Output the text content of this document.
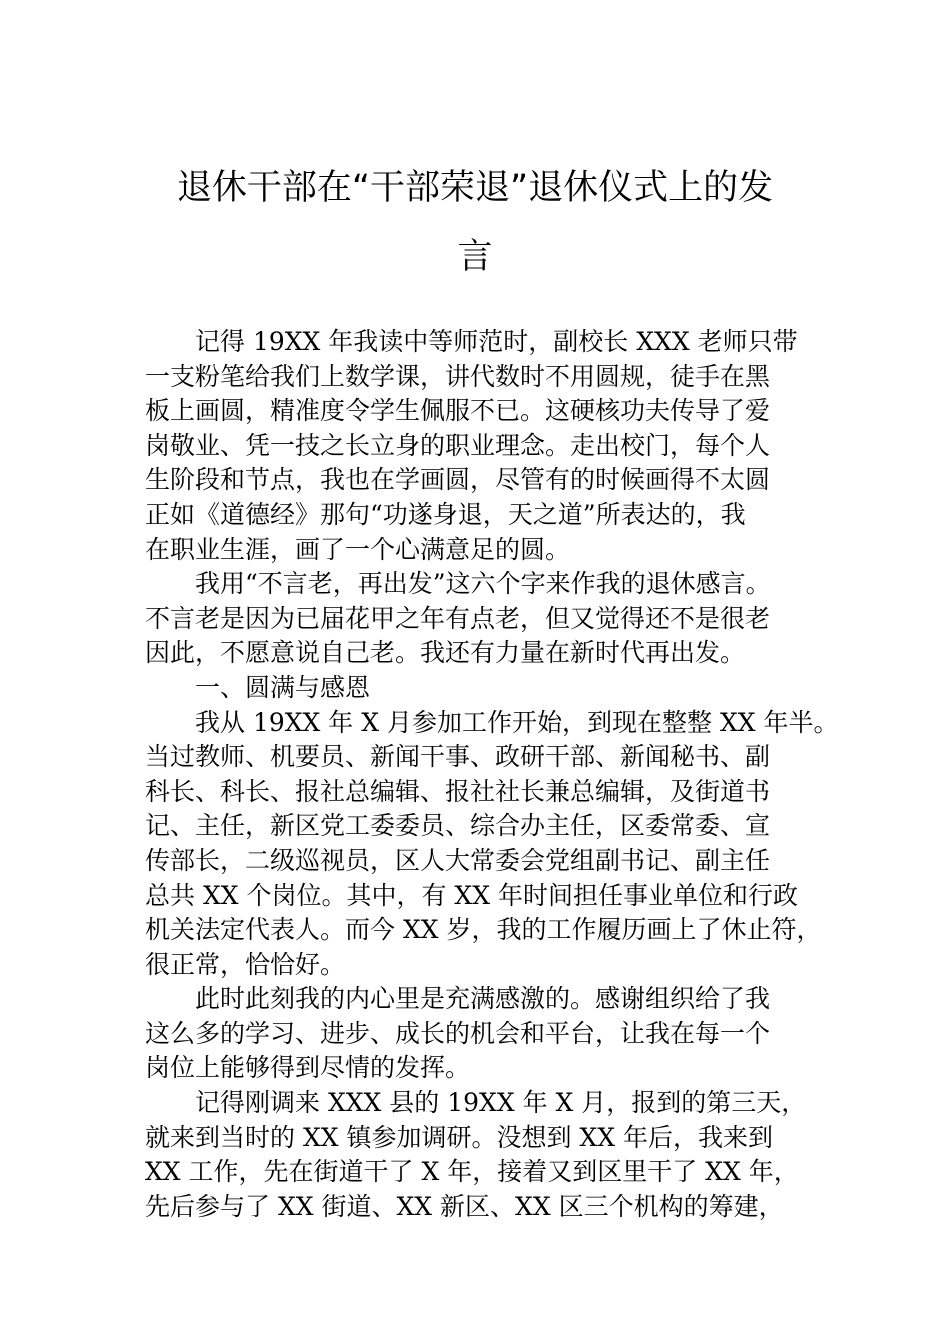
退休干部在“干部荣退”退休仪式上的发
言
记得 19XX 年我读中等师范时，副校长 XXX 老师只带
一支粉笔给我们上数学课，讲代数时不用圆规，徒手在黑
板上画圆，精准度令学生佩服不已。这硬核功夫传导了爱
岗敬业、凭一技之长立身的职业理念。走出校门，每个人
生阶段和节点，我也在学画圆，尽管有的时候画得不太圆
正如《道德经》那句“功遂身退，天之道”所表达的，我
在职业生涯，画了一个心满意足的圆。
我用“不言老，再出发”这六个字来作我的退休感言。
不言老是因为已届花甲之年有点老，但又觉得还不是很老
因此，不愿意说自己老。我还有力量在新时代再出发。
一、圆满与感恩
我从 19XX 年 X 月参加工作开始，到现在整整 XX 年半。
当过教师、机要员、新闻干事、政研干部、新闻秘书、副
科长、科长、报社总编辑、报社社长兼总编辑，及街道书
记、主任，新区党工委委员、综合办主任，区委常委、宣
传部长，二级巡视员，区人大常委会党组副书记、副主任
总共 XX 个岗位。其中，有 XX 年时间担任事业单位和行政
机关法定代表人。而今 XX 岁，我的工作履历画上了休止符，
很正常，恰恰好。
此时此刻我的内心里是充满感激的。感谢组织给了我
这么多的学习、进步、成长的机会和平台，让我在每一个
岗位上能够得到尽情的发挥。
记得刚调来 XXX 县的 19XX 年 X 月，报到的第三天，
就来到当时的 XX 镇参加调研。没想到 XX 年后，我来到
XX 工作，先在街道干了 X 年，接着又到区里干了 XX 年，
先后参与了 XX 街道、XX 新区、XX 区三个机构的筹建，
